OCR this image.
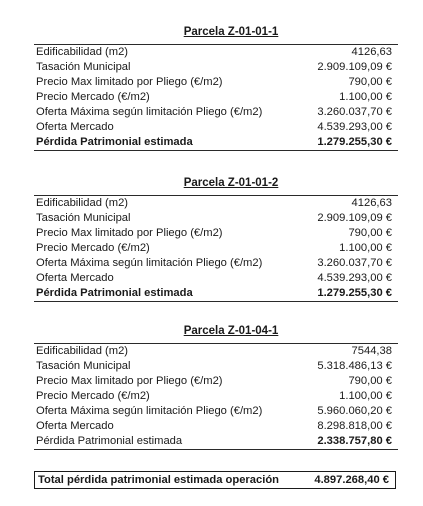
Parcela Z-01-01-1
Edificabilidad (m2)	4126,63
Tasación Municipal	2.909.109,09 €
Precio Max limitado por Pliego (€/m2)	790,00 €
Precio Mercado (€/m2)	1.100,00 €
Oferta Máxima según limitación Pliego (€/m2)	3.260.037,70 €
Oferta Mercado	4.539.293,00 €
Pérdida Patrimonial estimada	1.279.255,30 €
Parcela Z-01-01-2
Edificabilidad (m2)	4126,63
Tasación Municipal	2.909.109,09 €
Precio Max limitado por Pliego (€/m2)	790,00 €
Precio Mercado (€/m2)	1.100,00 €
Oferta Máxima según limitación Pliego (€/m2)	3.260.037,70 €
Oferta Mercado	4.539.293,00 €
Pérdida Patrimonial estimada	1.279.255,30 €
Parcela Z-01-04-1
Edificabilidad (m2)	7544,38
Tasación Municipal	5.318.486,13 €
Precio Max limitado por Pliego (€/m2)	790,00 €
Precio Mercado (€/m2)	1.100,00 €
Oferta Máxima según limitación Pliego (€/m2)	5.960.060,20 €
Oferta Mercado	8.298.818,00 €
Pérdida Patrimonial estimada	2.338.757,80 €
Total pérdida patrimonial estimada operación	4.897.268,40 €
